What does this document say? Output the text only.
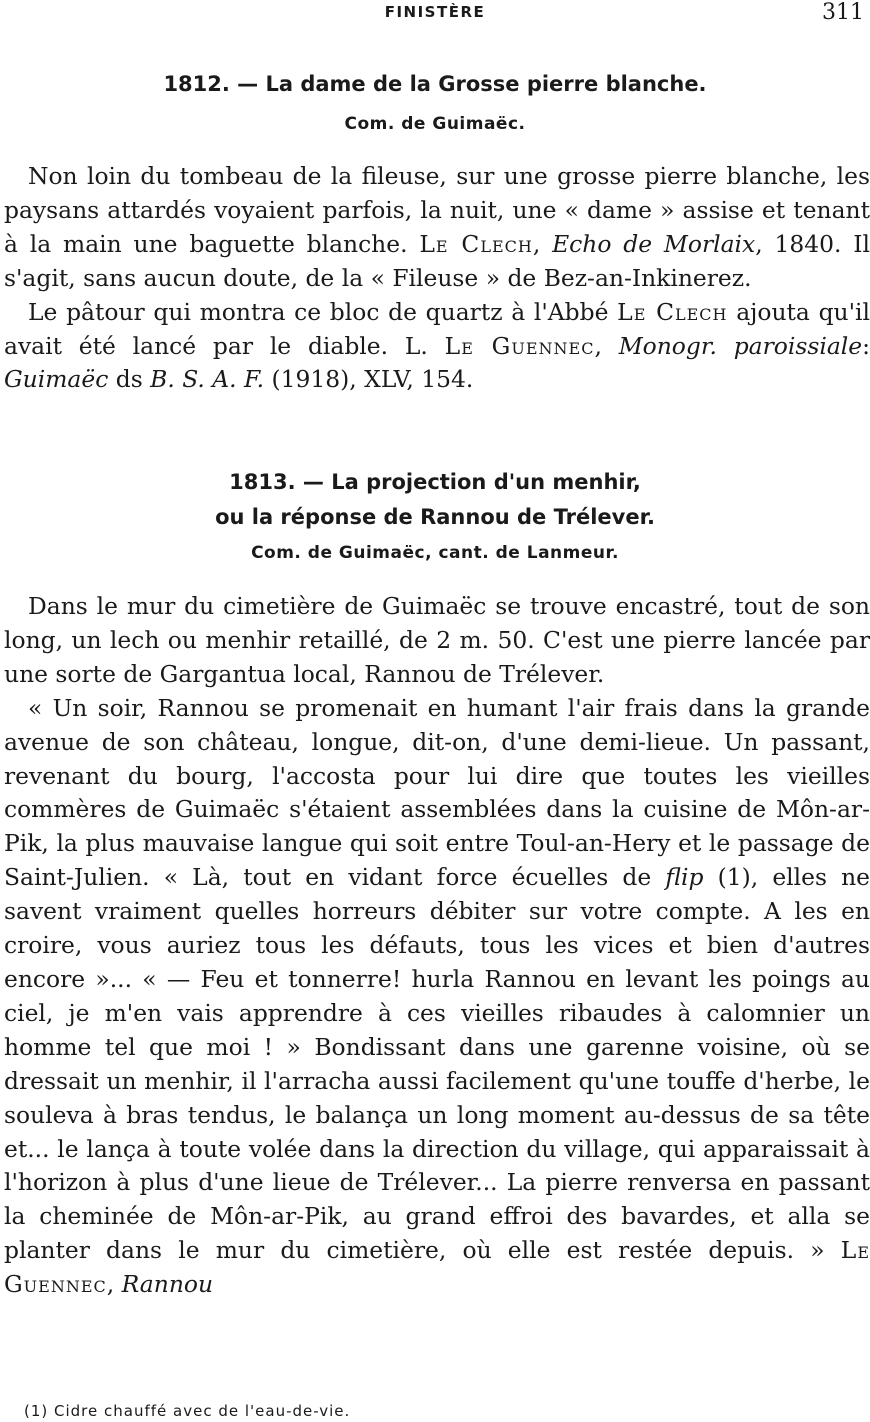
FINISTÈRE	311
1812. — La dame de la Grosse pierre blanche.
Com. de Guimaëc.

Non loin du tombeau de la fileuse, sur une grosse pierre blanche, les paysans attardés voyaient parfois, la nuit, une « dame » assise et tenant à la main une baguette blanche. Le Clech, Echo de Morlaix, 1840. Il s'agit, sans aucun doute, de la « Fileuse » de Bez-an-Inkinerez.

Le pâtour qui montra ce bloc de quartz à l'Abbé Le Clech ajouta qu'il avait été lancé par le diable. L. Le Guennec, Monogr. paroissiale: Guimaëc ds B. S. A. F. (1918), XLV, 154.

1813. — La projection d'un menhir,
ou la réponse de Rannou de Trélever.
Com. de Guimaëc, cant. de Lanmeur.

Dans le mur du cimetière de Guimaëc se trouve encastré, tout de son long, un lech ou menhir retaillé, de 2 m. 50. C'est une pierre lancée par une sorte de Gargantua local, Rannou de Trélever.

« Un soir, Rannou se promenait en humant l'air frais dans la grande avenue de son château, longue, dit-on, d'une demi-lieue. Un passant, revenant du bourg, l'accosta pour lui dire que toutes les vieilles commères de Guimaëc s'étaient assemblées dans la cuisine de Môn-ar-Pik, la plus mauvaise langue qui soit entre Toul-an-Hery et le passage de Saint-Julien. « Là, tout en vidant force écuelles de flip (1), elles ne savent vraiment quelles horreurs débiter sur votre compte. A les en croire, vous auriez tous les défauts, tous les vices et bien d'autres encore »... « — Feu et tonnerre! hurla Rannou en levant les poings au ciel, je m'en vais apprendre à ces vieilles ribaudes à calomnier un homme tel que moi ! » Bondissant dans une garenne voisine, où se dressait un menhir, il l'arracha aussi facilement qu'une touffe d'herbe, le souleva à bras tendus, le balança un long moment au-dessus de sa tête et... le lança à toute volée dans la direction du village, qui apparaissait à l'horizon à plus d'une lieue de Trélever... La pierre renversa en passant la cheminée de Môn-ar-Pik, au grand effroi des bavardes, et alla se planter dans le mur du cimetière, où elle est restée depuis. » Le Guennec, Rannou

(1) Cidre chauffé avec de l'eau-de-vie.
